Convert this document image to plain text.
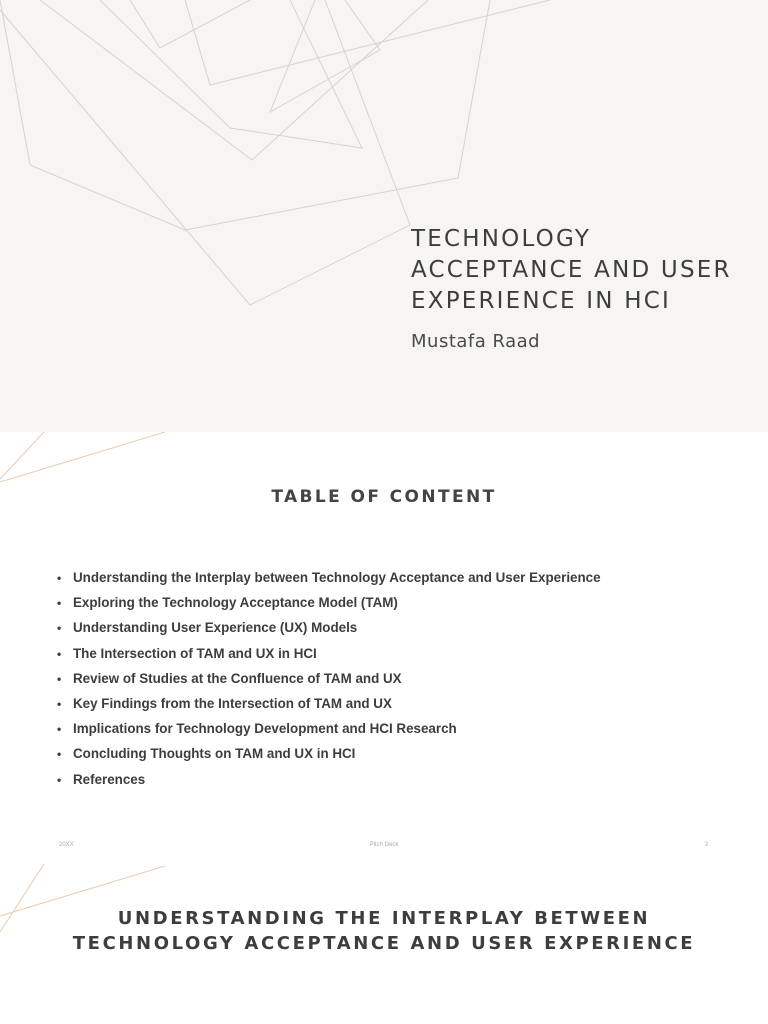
TECHNOLOGY ACCEPTANCE AND USER EXPERIENCE IN HCI
Mustafa Raad
TABLE OF CONTENT
• Understanding the Interplay between Technology Acceptance and User Experience
• Exploring the Technology Acceptance Model (TAM)
• Understanding User Experience (UX) Models
• The Intersection of TAM and UX in HCI
• Review of Studies at the Confluence of TAM and UX
• Key Findings from the Intersection of TAM and UX
• Implications for Technology Development and HCI Research
• Concluding Thoughts on TAM and UX in HCI
• References
20XX	Pitch Deck	2
UNDERSTANDING THE INTERPLAY BETWEEN TECHNOLOGY ACCEPTANCE AND USER EXPERIENCE
